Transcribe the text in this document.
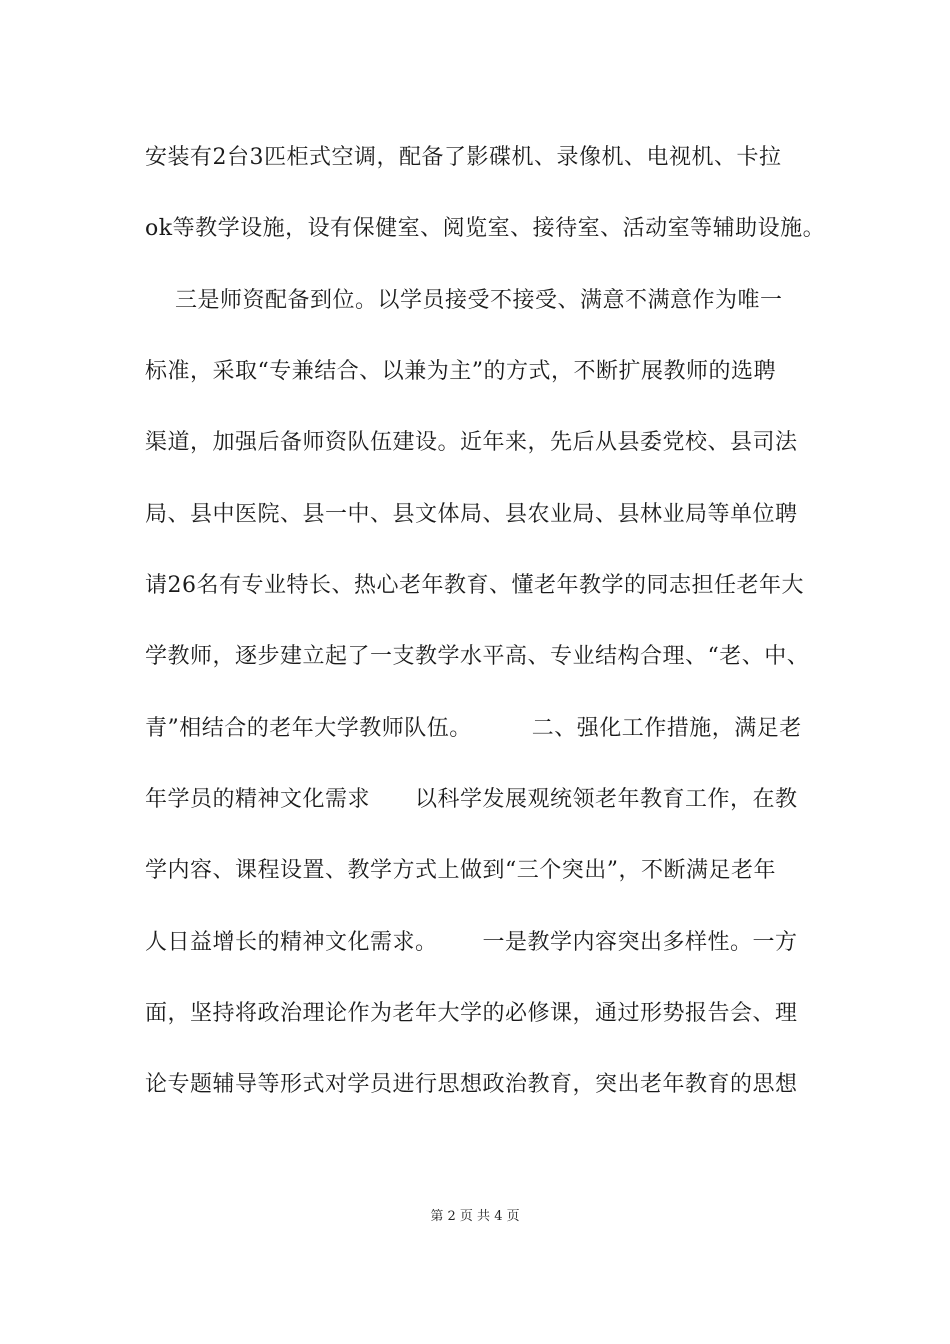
安装有2台3匹柜式空调，配备了影碟机、录像机、电视机、卡拉
ok等教学设施，设有保健室、阅览室、接待室、活动室等辅助设施。
三是师资配备到位。以学员接受不接受、满意不满意作为唯一
标准，采取“专兼结合、以兼为主”的方式，不断扩展教师的选聘
渠道，加强后备师资队伍建设。近年来，先后从县委党校、县司法
局、县中医院、县一中、县文体局、县农业局、县林业局等单位聘
请26名有专业特长、热心老年教育、懂老年教学的同志担任老年大
学教师，逐步建立起了一支教学水平高、专业结构合理、“老、中、
青”相结合的老年大学教师队伍。        二、强化工作措施，满足老
年学员的精神文化需求      以科学发展观统领老年教育工作，在教
学内容、课程设置、教学方式上做到“三个突出”，不断满足老年
人日益增长的精神文化需求。      一是教学内容突出多样性。一方
面，坚持将政治理论作为老年大学的必修课，通过形势报告会、理
论专题辅导等形式对学员进行思想政治教育，突出老年教育的思想
第 2 页 共 4 页
